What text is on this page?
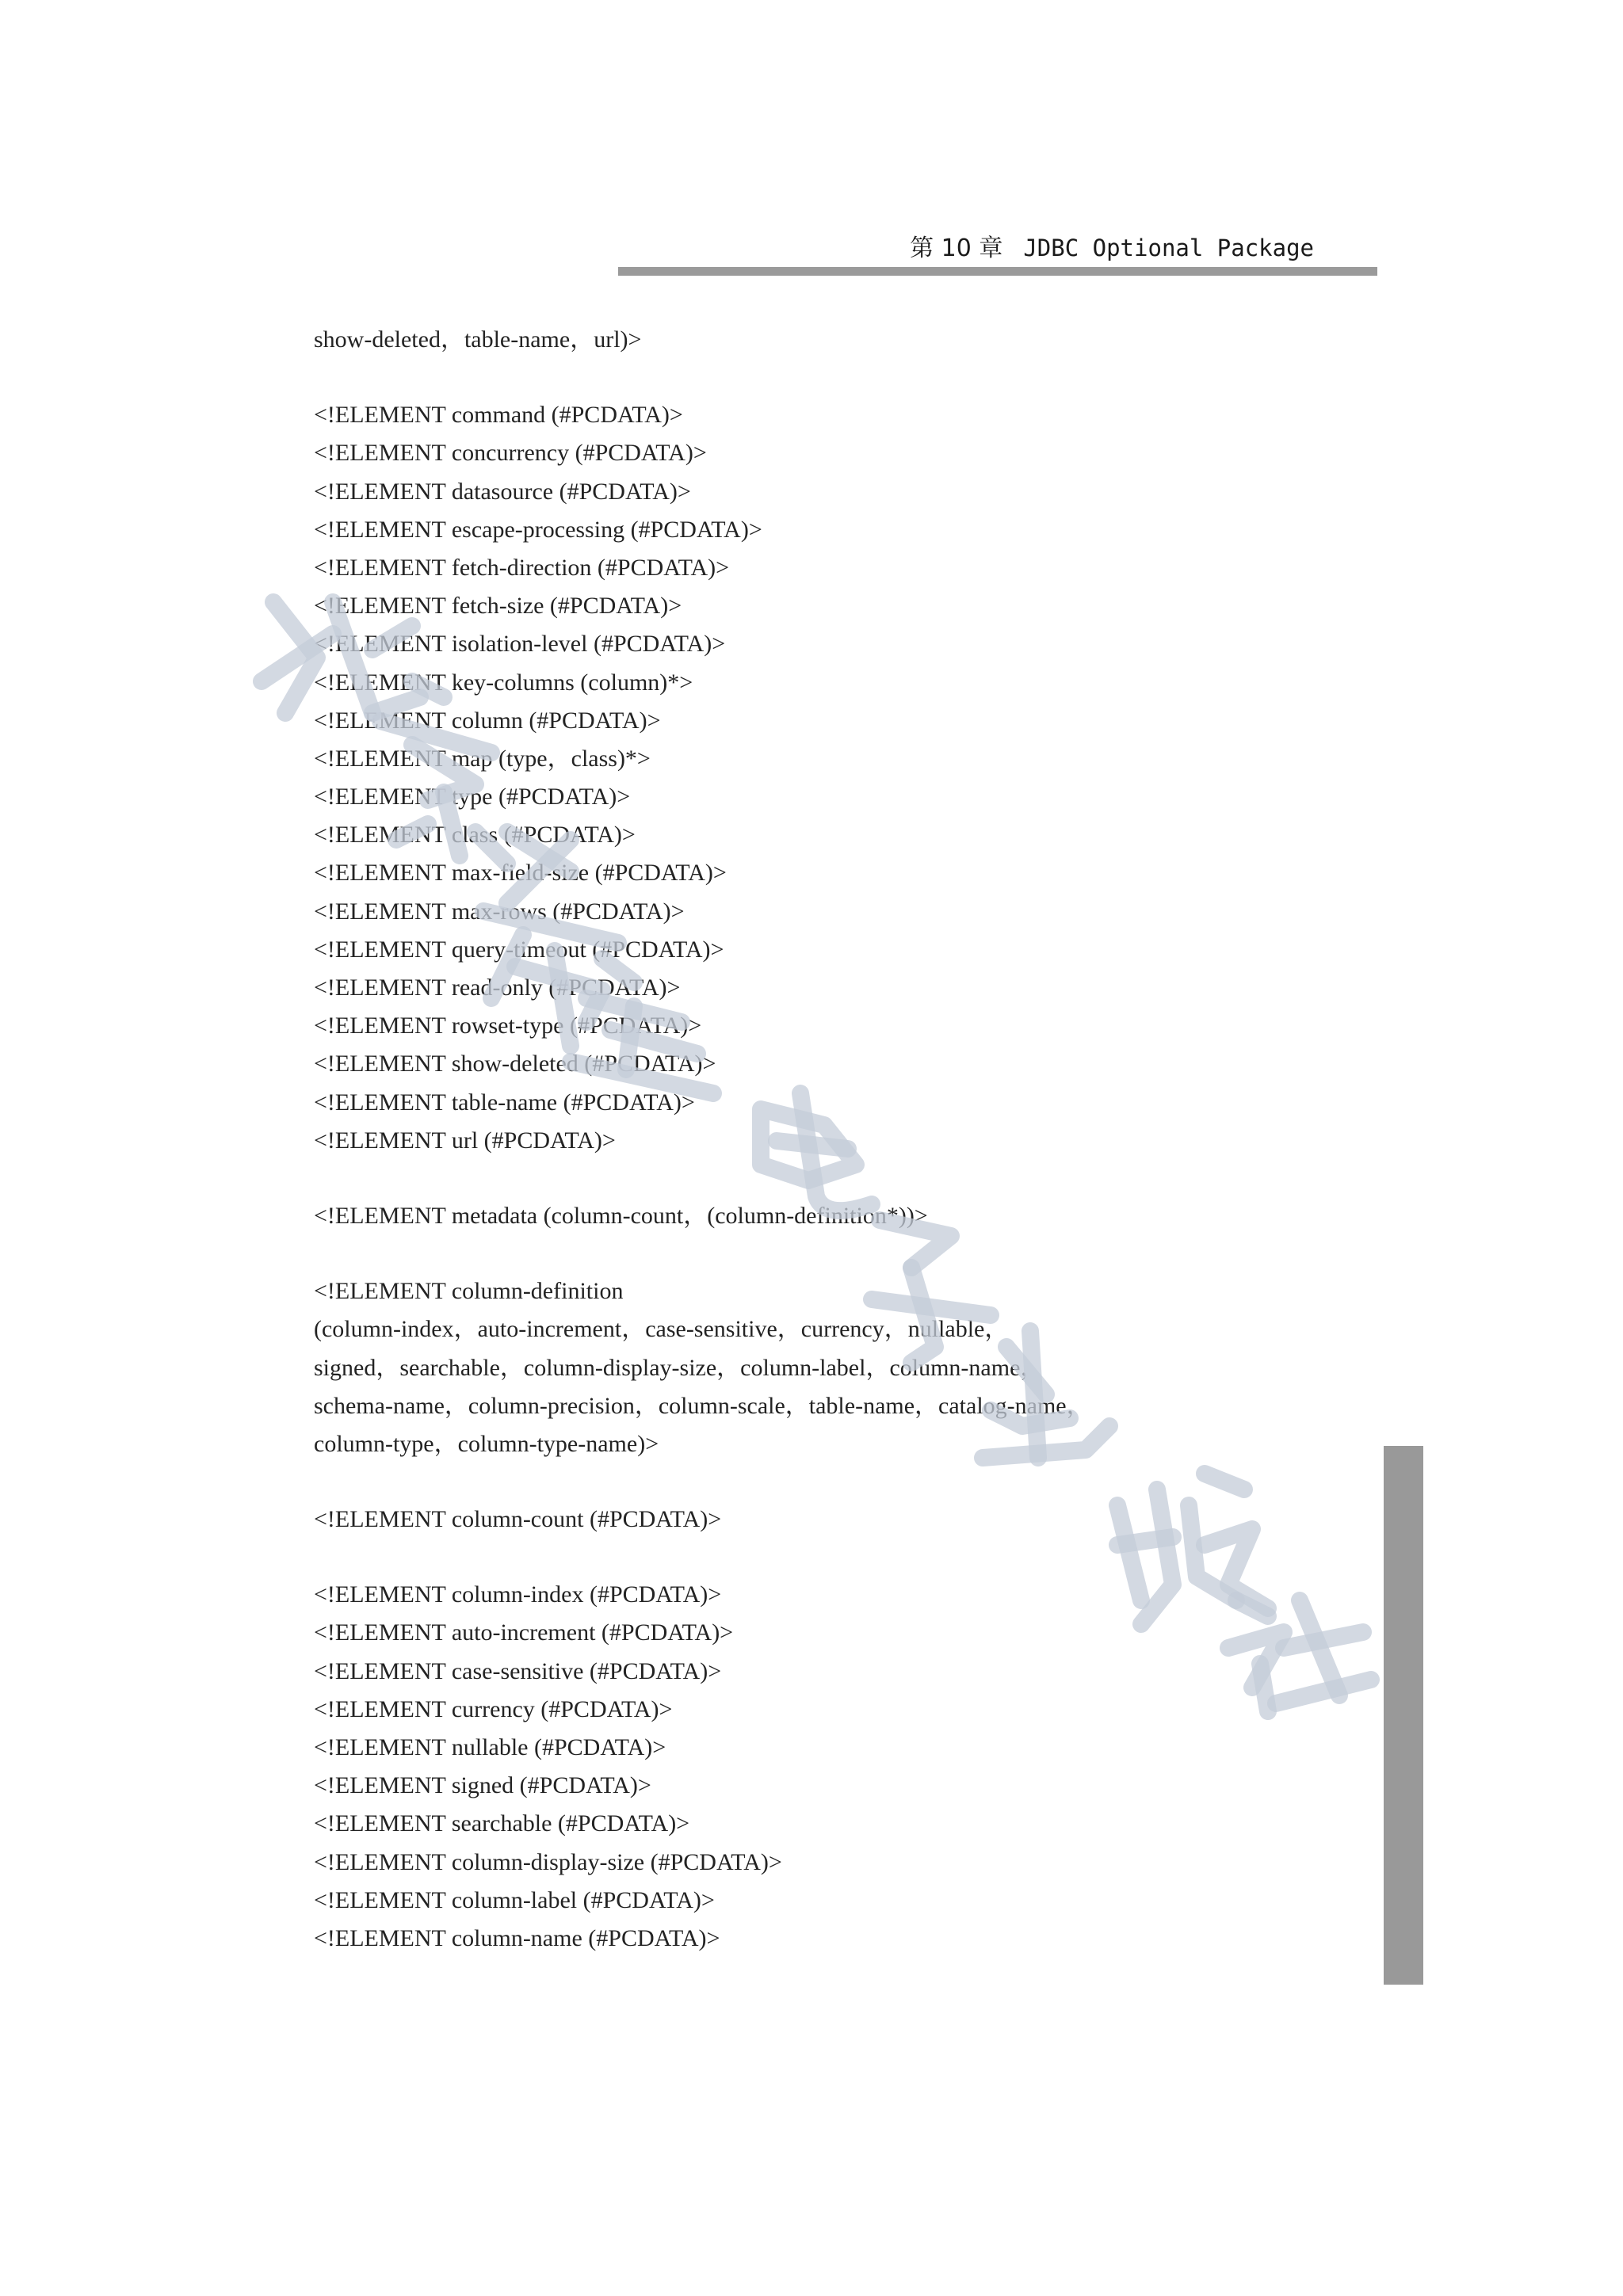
第 10 章 JDBC Optional Package
show-deleted，table-name，url)>
<!ELEMENT command (#PCDATA)>
<!ELEMENT concurrency (#PCDATA)>
<!ELEMENT datasource (#PCDATA)>
<!ELEMENT escape-processing (#PCDATA)>
<!ELEMENT fetch-direction (#PCDATA)>
<!ELEMENT fetch-size (#PCDATA)>
<!ELEMENT isolation-level (#PCDATA)>
<!ELEMENT key-columns (column)*>
<!ELEMENT column (#PCDATA)>
<!ELEMENT map (type，class)*>
<!ELEMENT type (#PCDATA)>
<!ELEMENT class (#PCDATA)>
<!ELEMENT max-field-size (#PCDATA)>
<!ELEMENT max-rows (#PCDATA)>
<!ELEMENT query-timeout (#PCDATA)>
<!ELEMENT read-only (#PCDATA)>
<!ELEMENT rowset-type (#PCDATA)>
<!ELEMENT show-deleted (#PCDATA)>
<!ELEMENT table-name (#PCDATA)>
<!ELEMENT url (#PCDATA)>
<!ELEMENT metadata (column-count，(column-definition*))>
<!ELEMENT column-definition
(column-index，auto-increment，case-sensitive，currency，nullable，
signed，searchable，column-display-size，column-label，column-name，
schema-name，column-precision，column-scale，table-name，catalog-name，
column-type，column-type-name)>
<!ELEMENT column-count (#PCDATA)>
<!ELEMENT column-index (#PCDATA)>
<!ELEMENT auto-increment (#PCDATA)>
<!ELEMENT case-sensitive (#PCDATA)>
<!ELEMENT currency (#PCDATA)>
<!ELEMENT nullable (#PCDATA)>
<!ELEMENT signed (#PCDATA)>
<!ELEMENT searchable (#PCDATA)>
<!ELEMENT column-display-size (#PCDATA)>
<!ELEMENT column-label (#PCDATA)>
<!ELEMENT column-name (#PCDATA)>
